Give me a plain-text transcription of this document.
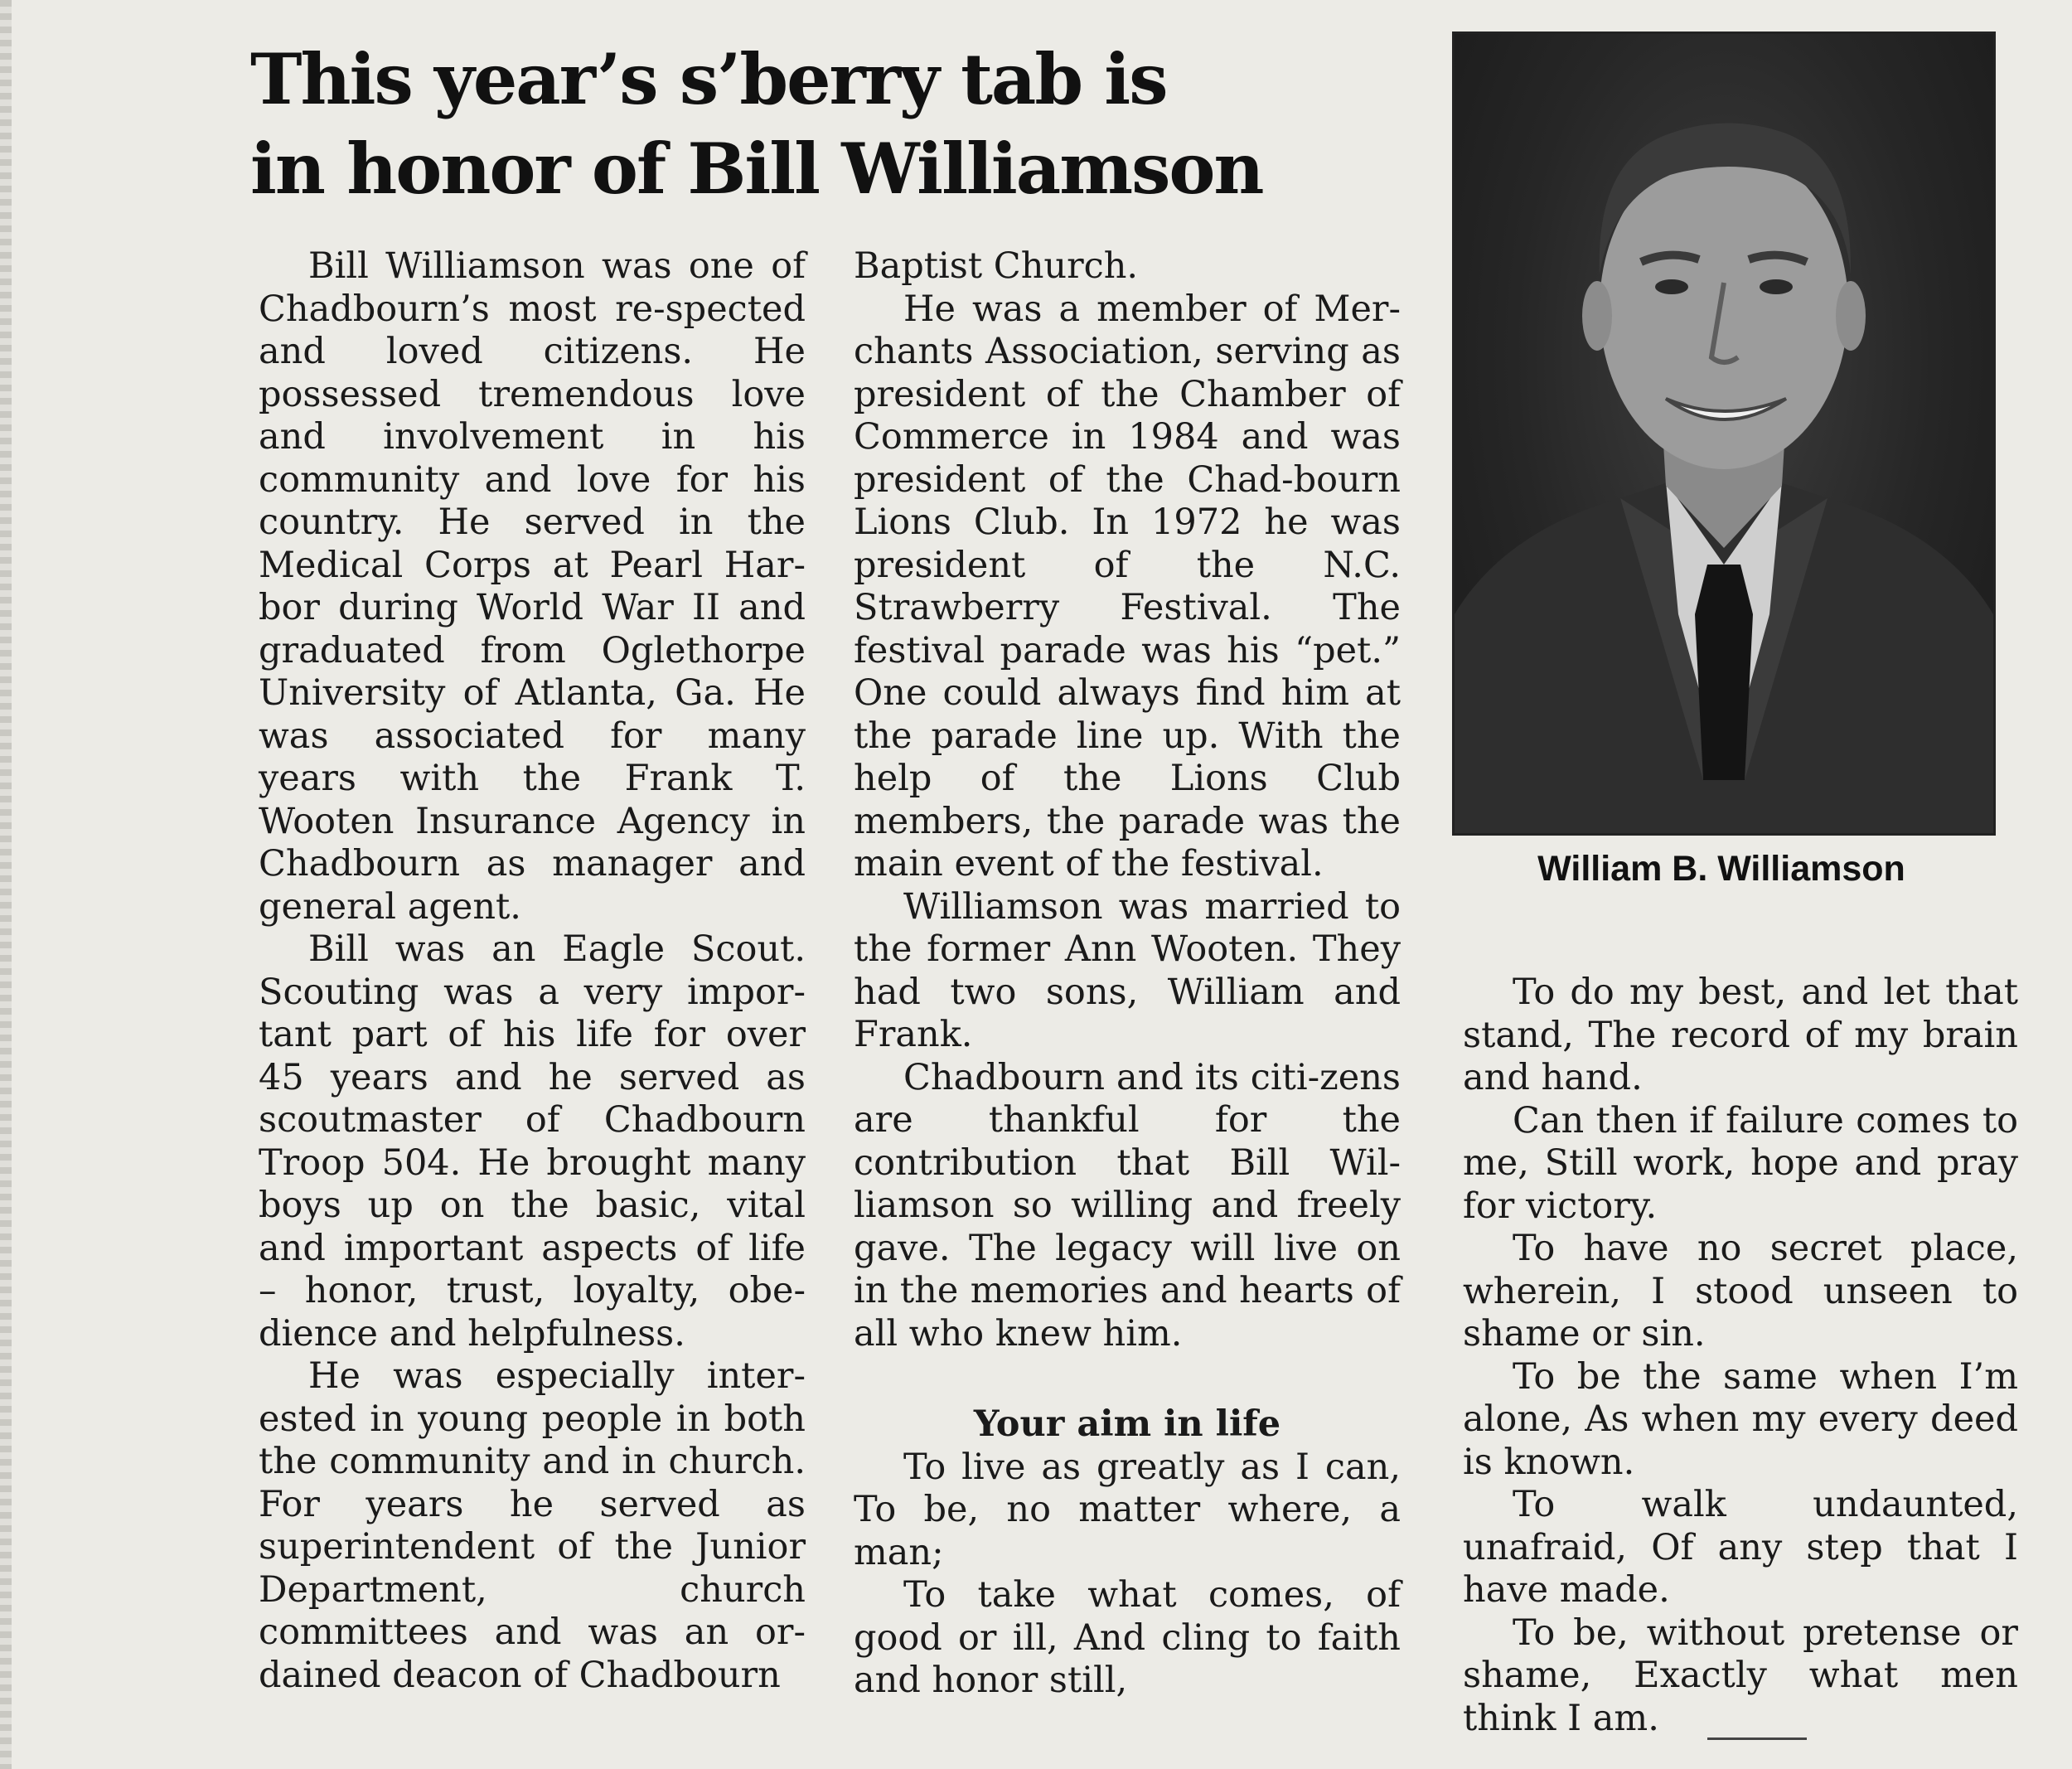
This year’s s’berry tab is
in honor of Bill Williamson

Bill Williamson was one of Chadbourn’s most re-spected and loved citizens. He possessed tremendous love and involvement in his community and love for his country. He served in the Medical Corps at Pearl Har-bor during World War II and graduated from Oglethorpe University of Atlanta, Ga. He was associated for many years with the Frank T. Wooten Insurance Agency in Chadbourn as manager and general agent.

Bill was an Eagle Scout. Scouting was a very impor-tant part of his life for over 45 years and he served as scoutmaster of Chadbourn Troop 504. He brought many boys up on the basic, vital and important aspects of life – honor, trust, loyalty, obe-dience and helpfulness.

He was especially inter-ested in young people in both the community and in church. For years he served as superintendent of the Junior Department, church committees and was an or-dained deacon of Chadbourn

Baptist Church.

He was a member of Mer-chants Association, serving as president of the Chamber of Commerce in 1984 and was president of the Chad-bourn Lions Club. In 1972 he was president of the N.C. Strawberry Festival. The festival parade was his “pet.” One could always find him at the parade line up. With the help of the Lions Club members, the parade was the main event of the festival.

Williamson was married to the former Ann Wooten. They had two sons, William and Frank.

Chadbourn and its citi-zens are thankful for the contribution that Bill Wil-liamson so willing and freely gave. The legacy will live on in the memories and hearts of all who knew him.

Your aim in life

To live as greatly as I can, To be, no matter where, a man;

To take what comes, of good or ill, And cling to faith and honor still,

William B. Williamson

To do my best, and let that stand, The record of my brain and hand.

Can then if failure comes to me, Still work, hope and pray for victory.

To have no secret place, wherein, I stood unseen to shame or sin.

To be the same when I’m alone, As when my every deed is known.

To walk undaunted, unafraid, Of any step that I have made.

To be, without pretense or shame, Exactly what men think I am.
